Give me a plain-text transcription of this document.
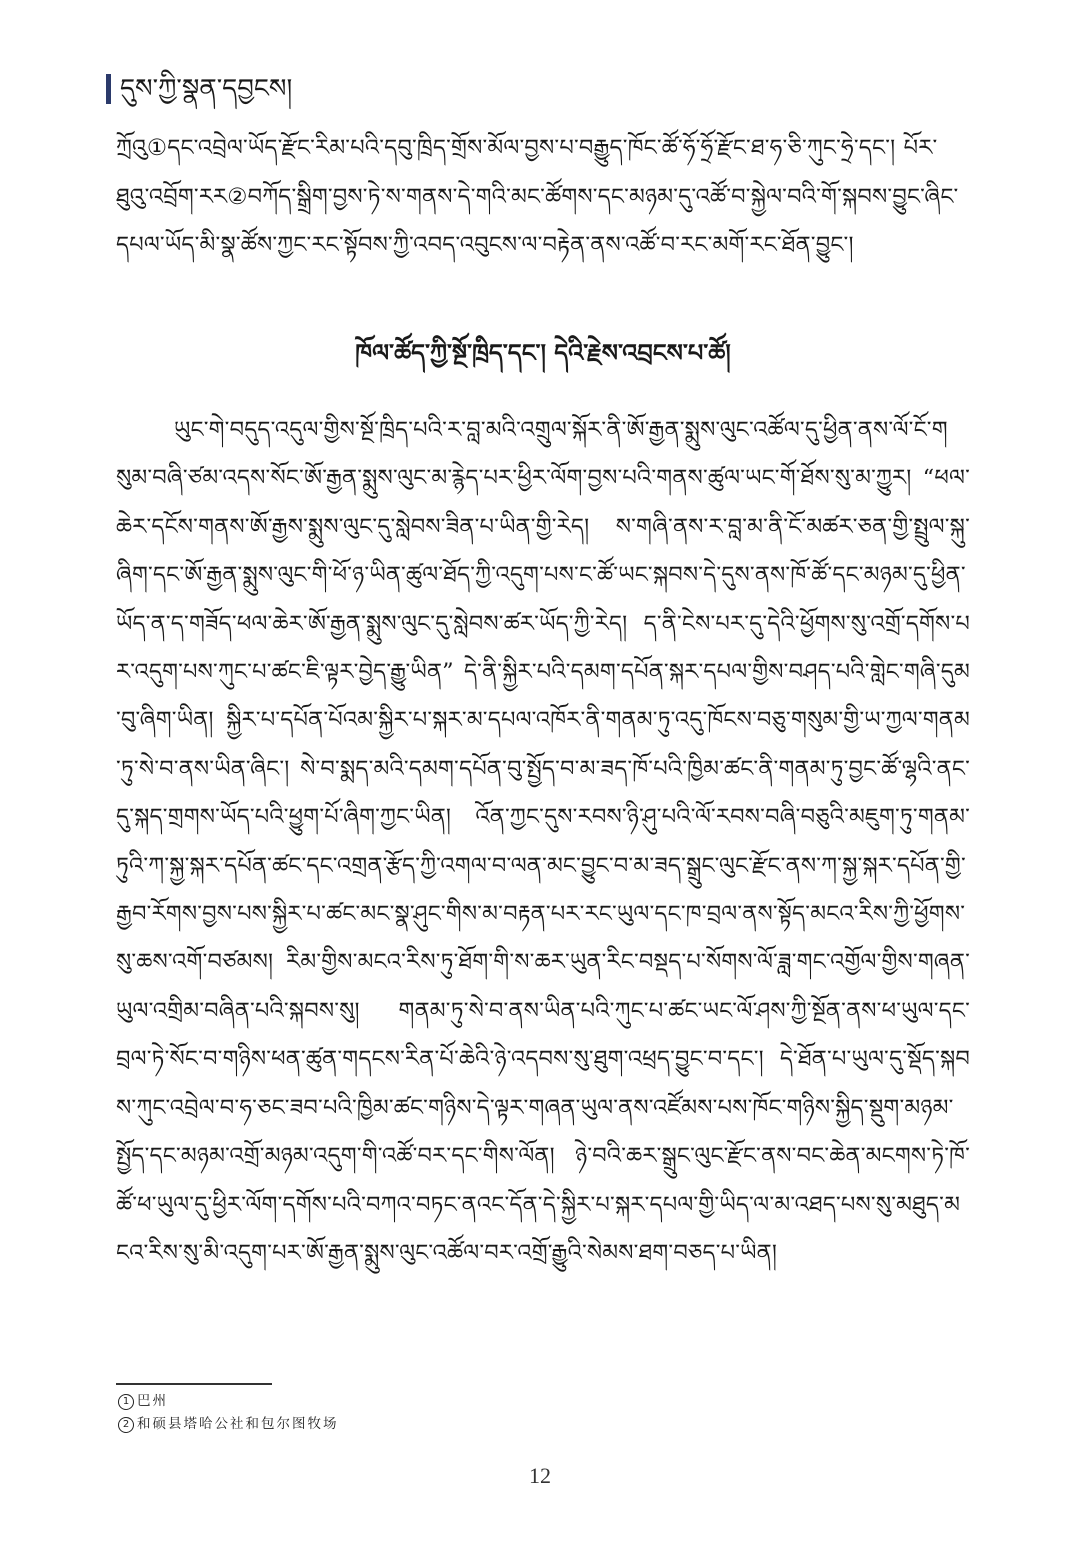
དུས་ཀྱི་སྣན་དབྱངས།
ཀྲོའུ①དང་འབྲེལ་ཡོད་རྫོང་རིམ་པའི་དབུ་ཁྲིད་གྲོས་མོལ་བྱས་པ་བརྒྱུད་ཁོང་ཚོ་ཧོ་ཧྲོ་རྫོང་ཐ་ཧ་ཅི་ཀུང་ཧྲེ་དང་། པོར་ཐུའུ་འབྲོག་རར②བཀོད་སྒྲིག་བྱས་ཏེ་ས་གནས་དེ་གའི་མང་ཚོགས་དང་མཉམ་དུ་འཚོ་བ་སྐྱེལ་བའི་གོ་སྐབས་བྱུང་ཞིང་དཔལ་ཡོད་མི་སྣ་ཚོས་ཀྱང་རང་སྟོབས་ཀྱི་འབད་འབུངས་ལ་བརྟེན་ནས་འཚོ་བ་རང་མགོ་རང་ཐོན་བྱུང་།
ཁོལ་ཚོད་ཀྱི་སྔོ་ཁྲིད་དང་། དེའི་རྗེས་འབྲངས་པ་ཚོ།
ཡུང་གེ་བདུད་འདུལ་གྱིས་སྔོ་ཁྲིད་པའི་ར་བླ་མའི་འགྲུལ་སྐོར་ནི་ཨོ་རྒྱན་སྨུས་ལུང་འཚོལ་དུ་ཕྱིན་ནས་ལོ་ངོ་གསུམ་བཞི་ཙམ་འདས་སོང་ཨོ་རྒྱན་སྨུས་ལུང་མ་རྙེད་པར་ཕྱིར་ལོག་བྱས་པའི་གནས་ཚུལ་ཡང་གོ་ཐོས་སུ་མ་ཀྱུར། “ཕལ་ཆེར་དངོས་གནས་ཨོ་རྒྱས་སྨུས་ལུང་དུ་སླེབས་ཟིན་པ་ཡིན་གྱི་རེད། ས་གཞི་ནས་ར་བླ་མ་ནི་ངོ་མཚར་ཅན་གྱི་སྤྲུལ་སྐུ་ཞིག་དང་ཨོ་རྒྱན་སྨུས་ལུང་གི་ཕོ་ཉ་ཡིན་ཚུལ་ཐོད་ཀྱི་འདུག་པས་ང་ཚོ་ཡང་སྐབས་དེ་དུས་ནས་ཁོ་ཚོ་དང་མཉམ་དུ་ཕྱིན་ཡོད་ན་ད་གཟོད་ཕལ་ཆེར་ཨོ་རྒྱན་སྨུས་ལུང་དུ་སླེབས་ཚར་ཡོད་ཀྱི་རེད། ད་ནི་ངེས་པར་དུ་དེའི་ཕྱོགས་སུ་འགྲོ་དགོས་པར་འདུག་པས་ཀུང་པ་ཚང་ཇི་ལྟར་བྱེད་རྒྱུ་ཡིན” དེ་ནི་སྐྱིར་པའི་དམག་དཔོན་སྐར་དཔལ་གྱིས་བཤད་པའི་གླེང་གཞི་དུམ་བུ་ཞིག་ཡིན། སྐྱིར་པ་དཔོན་པོའམ་སྐྱིར་པ་སྐར་མ་དཔལ་འཁོར་ནི་གནམ་ཏུ་འདུ་ཁོངས་བཅུ་གསུམ་གྱི་ཡ་ཀྱལ་གནམ་ཏུ་སེ་བ་ནས་ཡིན་ཞིང་། སེ་བ་སྨད་མའི་དམག་དཔོན་བུ་སྤྱོད་བ་མ་ཟད་ཁོ་པའི་ཁྱིམ་ཚང་ནི་གནམ་ཏུ་བྱང་ཚོ་ལྷའི་ནང་དུ་སྐད་གྲགས་ཡོད་པའི་ཕྱུག་པོ་ཞིག་ཀྱང་ཡིན། འོན་ཀྱང་དུས་རབས་ཉི་ཤུ་པའི་ལོ་རབས་བཞི་བཅུའི་མཇུག་ཏུ་གནམ་ཏུའི་ཀ་སྐྱ་སྐར་དཔོན་ཚང་དང་འགྲན་རྩོད་ཀྱི་འགལ་བ་ལན་མང་བྱུང་བ་མ་ཟད་སྒྲུང་ལུང་རྫོང་ནས་ཀ་སྐྱ་སྐར་དཔོན་གྱི་རྒྱབ་རོགས་བྱས་པས་སྐྱིར་པ་ཚང་མང་སྣ་ཤུང་གིས་མ་བརྟན་པར་རང་ཡུལ་དང་ཁ་བྲལ་ནས་སྟོད་མངའ་རིས་ཀྱི་ཕྱོགས་སུ་ཆས་འགོ་བཙམས། རིམ་གྱིས་མངའ་རིས་ཏུ་ཐོག་གི་ས་ཆར་ཡུན་རིང་བསྡད་པ་སོགས་ལོ་ཟླ་གང་འགྱོལ་གྱིས་གཞན་ཡུལ་འགྲིམ་བཞིན་པའི་སྐབས་སུ། གནམ་ཏུ་སེ་བ་ནས་ཡིན་པའི་ཀུང་པ་ཚང་ཡང་ལོ་ཤས་ཀྱི་སྔོན་ནས་ཕ་ཡུལ་དང་བྲལ་ཏེ་སོང་བ་གཉིས་ཕན་ཚུན་གདངས་རིན་པོ་ཆེའི་ཉེ་འདབས་སུ་ཐུག་འཕྲད་བྱུང་བ་དང་། དེ་ཐོན་པ་ཡུལ་དུ་སྡོད་སྐབས་ཀུང་འབྲེལ་བ་ཧ་ཅང་ཟབ་པའི་ཁྱིམ་ཚང་གཉིས་དེ་ལྟར་གཞན་ཡུལ་ནས་འཛོམས་པས་ཁོང་གཉིས་སྐྱིད་སྡུག་མཉམ་སྤྱོད་དང་མཉམ་འགྲོ་མཉམ་འདུག་གི་འཚོ་བར་དང་གིས་ལོན། ཉེ་བའི་ཆར་སྒྲུང་ལུང་རྫོང་ནས་བང་ཆེན་མངགས་ཏེ་ཁོ་ཚོ་ཕ་ཡུལ་དུ་ཕྱིར་ལོག་དགོས་པའི་བཀའ་བཏང་ནའང་དོན་དེ་སྐྱིར་པ་སྐར་དཔལ་གྱི་ཡིད་ལ་མ་འཐད་པས་སུ་མཐུད་མངའ་རིས་སུ་མི་འདུག་པར་ཨོ་རྒྱན་སྨུས་ལུང་འཚོལ་བར་འགྲོ་རྒྱུའི་སེམས་ཐག་བཅད་པ་ཡིན།
1 巴州
2 和硕县塔哈公社和包尔图牧场
12
